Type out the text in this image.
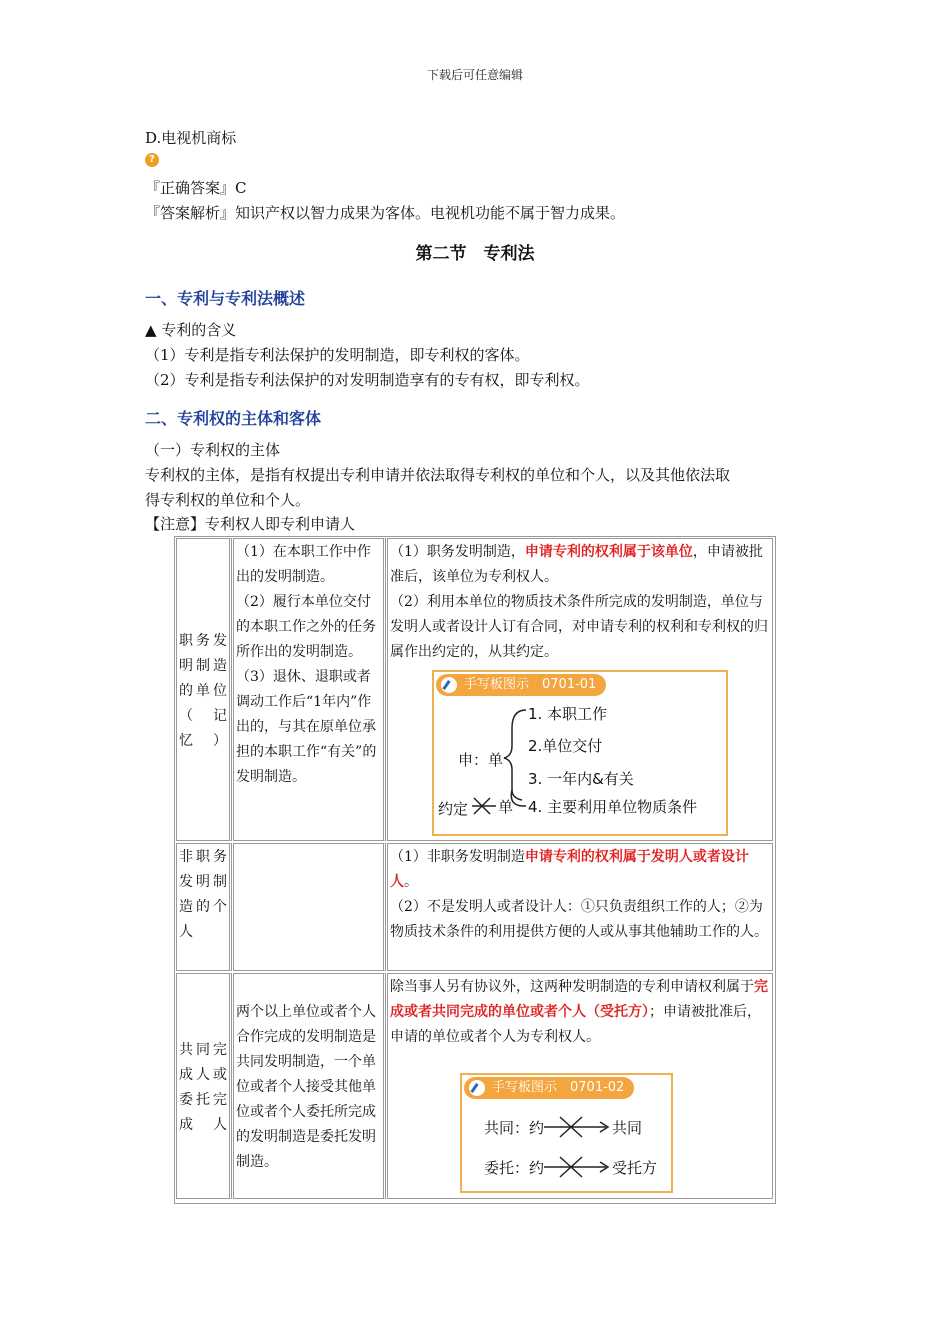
下载后可任意编辑
D.电视机商标
?
『正确答案』C
『答案解析』知识产权以智力成果为客体。电视机功能不属于智力成果。
第二节　专利法
一、专利与专利法概述
▲ 专利的含义
（1）专利是指专利法保护的发明制造，即专利权的客体。
（2）专利是指专利法保护的对发明制造享有的专有权，即专利权。
二、专利权的主体和客体
（一）专利权的主体
专利权的主体，是指有权提出专利申请并依法取得专利权的单位和个人，以及其他依法取
得专利权的单位和个人。
【注意】专利权人即专利申请人
职务发明制造的单位（记忆）
（1）在本职工作中作出的发明制造。
（2）履行本单位交付的本职工作之外的任务所作出的发明制造。
（3）退休、退职或者调动工作后“1年内”作出的，与其在原单位承担的本职工作“有关”的发明制造。
（1）职务发明制造，申请专利的权利属于该单位，申请被批准后，该单位为专利权人。
（2）利用本单位的物质技术条件所完成的发明制造，单位与发明人或者设计人订有合同，对申请专利的权利和专利权的归属作出约定的，从其约定。
手写板图示　0701-01
申：单
1. 本职工作
2.单位交付
3. 一年内&有关
4. 主要利用单位物质条件
约定 单
非职务发明制造的个人
（1）非职务发明制造申请专利的权利属于发明人或者设计人。
（2）不是发明人或者设计人：①只负责组织工作的人；②为物质技术条件的利用提供方便的人或从事其他辅助工作的人。
共同完成人或委托完成人
两个以上单位或者个人合作完成的发明制造是共同发明制造，一个单位或者个人接受其他单位或者个人委托所完成的发明制造是委托发明制造。
除当事人另有协议外，这两种发明制造的专利申请权利属于完成或者共同完成的单位或者个人（受托方）；申请被批准后，申请的单位或者个人为专利权人。
手写板图示　0701-02
共同：约	共同
委托：约	受托方
